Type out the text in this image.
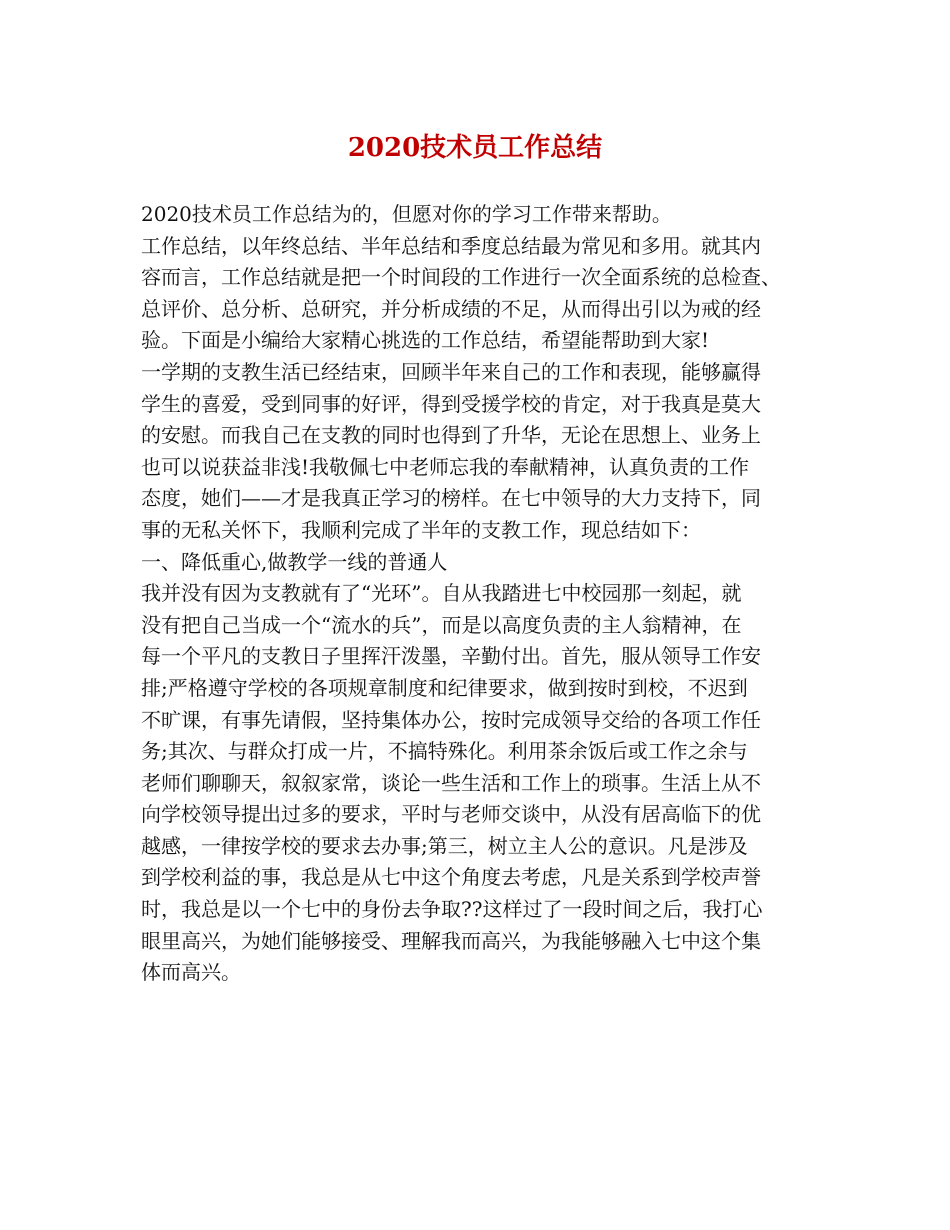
2020技术员工作总结
2020技术员工作总结为的，但愿对你的学习工作带来帮助。
工作总结，以年终总结、半年总结和季度总结最为常见和多用。就其内
容而言，工作总结就是把一个时间段的工作进行一次全面系统的总检查、
总评价、总分析、总研究，并分析成绩的不足，从而得出引以为戒的经
验。下面是小编给大家精心挑选的工作总结，希望能帮助到大家!
一学期的支教生活已经结束，回顾半年来自己的工作和表现，能够赢得
学生的喜爱，受到同事的好评，得到受援学校的肯定，对于我真是莫大
的安慰。而我自己在支教的同时也得到了升华，无论在思想上、业务上
也可以说获益非浅!我敬佩七中老师忘我的奉献精神，认真负责的工作
态度，她们——才是我真正学习的榜样。在七中领导的大力支持下，同
事的无私关怀下，我顺利完成了半年的支教工作，现总结如下：
一、降低重心,做教学一线的普通人
我并没有因为支教就有了“光环”。自从我踏进七中校园那一刻起，就
没有把自己当成一个“流水的兵”，而是以高度负责的主人翁精神，在
每一个平凡的支教日子里挥汗泼墨，辛勤付出。首先，服从领导工作安
排;严格遵守学校的各项规章制度和纪律要求，做到按时到校，不迟到
不旷课，有事先请假，坚持集体办公，按时完成领导交给的各项工作任
务;其次、与群众打成一片，不搞特殊化。利用茶余饭后或工作之余与
老师们聊聊天，叙叙家常，谈论一些生活和工作上的琐事。生活上从不
向学校领导提出过多的要求，平时与老师交谈中，从没有居高临下的优
越感，一律按学校的要求去办事;第三，树立主人公的意识。凡是涉及
到学校利益的事，我总是从七中这个角度去考虑，凡是关系到学校声誉
时，我总是以一个七中的身份去争取??这样过了一段时间之后，我打心
眼里高兴，为她们能够接受、理解我而高兴，为我能够融入七中这个集
体而高兴。
